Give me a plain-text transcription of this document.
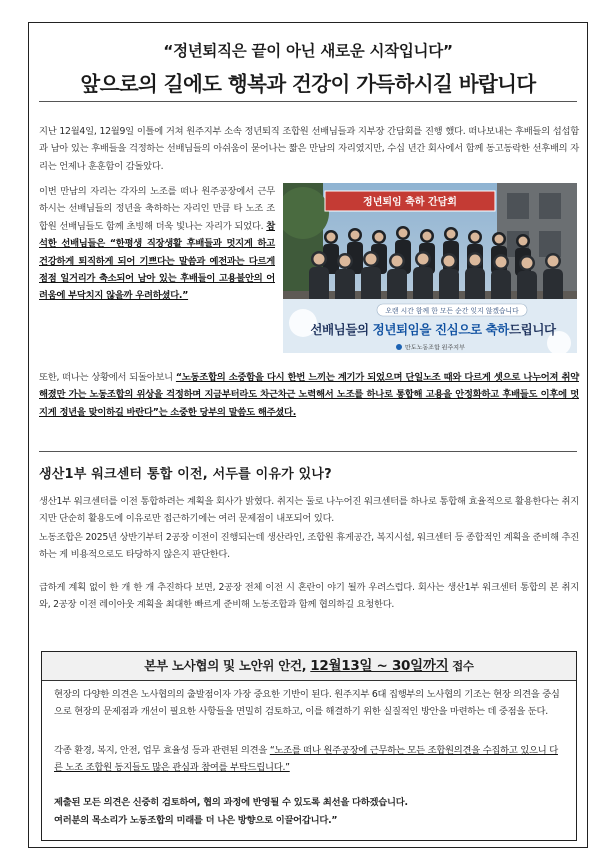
“정년퇴직은 끝이 아닌 새로운 시작입니다”
앞으로의 길에도 행복과 건강이 가득하시길 바랍니다
지난 12월4일, 12월9일 이틀에 거쳐 원주지부 소속 정년퇴직 조합원 선배님들과 지부장 간담회를 진행 했다. 떠나보내는 후배들의 섭섭함과 남아 있는 후배들을 걱정하는 선배님들의 아쉬움이 묻어나는 짧은 만남의 자리였지만, 수십 년간 회사에서 함께 동고동락한 선후배의 자리는 언제나 훈훈함이 감돌았다.
이번 만남의 자리는 각자의 노조를 떠나 원주공장에서 근무하시는 선배님들의 정년을 축하하는 자리인 만큼 타 노조 조합원 선배님들도 함께 초빙해 더욱 빛나는 자리가 되었다. 참석한 선배님들은 “한평생 직장생활 후배들과 멋지게 하고 건강하게 퇴직하게 되어 기쁘다는 말씀과 예전과는 다르게 점점 일거리가 축소되어 남아 있는 후배들이 고용불안의 어려움에 부닥치지 않을까 우려하셨다.”
정년퇴임 축하 간담회
오랜 시간 함께 한 모든 순간 잊지 않겠습니다
선배님들의 정년퇴임을 진심으로 축하드립니다
만도노동조합 원주지부
또한, 떠나는 상황에서 되돌아보니 “노동조합의 소중함을 다시 한번 느끼는 계기가 되었으며 단일노조 때와 다르게 셋으로 나누어져 취약해졌만 가는 노동조합의 위상을 걱정하며 지금부터라도 차근차근 노력해서 노조를 하나로 통합해 고용을 안정화하고 후배들도 이후에 멋지게 정년을 맞이하길 바란다”는 소중한 당부의 말씀도 해주셨다.
생산1부 워크센터 통합 이전, 서두를 이유가 있나?
생산1부 워크센터를 이전 통합하려는 계획을 회사가 밝혔다. 취지는 둘로 나누어진 워크센터를 하나로 통합해 효율적으로 활용한다는 취지지만 단순히 활용도에 이유로만 접근하기에는 여러 문제점이 내포되어 있다.
노동조합은 2025년 상반기부터 2공장 이전이 진행되는데 생산라인, 조합원 휴게공간, 복지시설, 워크센터 등 종합적인 계획을 준비해 추진하는 게 비용적으로도 타당하지 않은지 판단한다.
급하게 계획 없이 한 개 한 개 추진하다 보면, 2공장 전체 이전 시 혼란이 야기 될까 우려스럽다. 회사는 생산1부 워크센터 통합의 본 취지와, 2공장 이전 레이아웃 계획을 최대한 빠르게 준비해 노동조합과 함께 협의하길 요청한다.
본부 노사협의 및 노안위 안건, 12월13일 ~ 30일까지 접수
현장의 다양한 의견은 노사협의의 출발점이자 가장 중요한 기반이 된다. 원주지부 6대 집행부의 노사협의 기조는 현장 의견을 중심으로 현장의 문제점과 개선이 필요한 사항들을 면밀히 검토하고, 이를 해결하기 위한 실질적인 방안을 마련하는 데 중점을 둔다.
각종 환경, 복지, 안전, 업무 효율성 등과 관련된 의견을 “노조를 떠나 원주공장에 근무하는 모든 조합원의견을 수집하고 있으니 다른 노조 조합원 동지들도 많은 관심과 참여를 부탁드립니다.”
제출된 모든 의견은 신중히 검토하여, 협의 과정에 반영될 수 있도록 최선을 다하겠습니다.
여러분의 목소리가 노동조합의 미래를 더 나은 방향으로 이끌어갑니다.”
